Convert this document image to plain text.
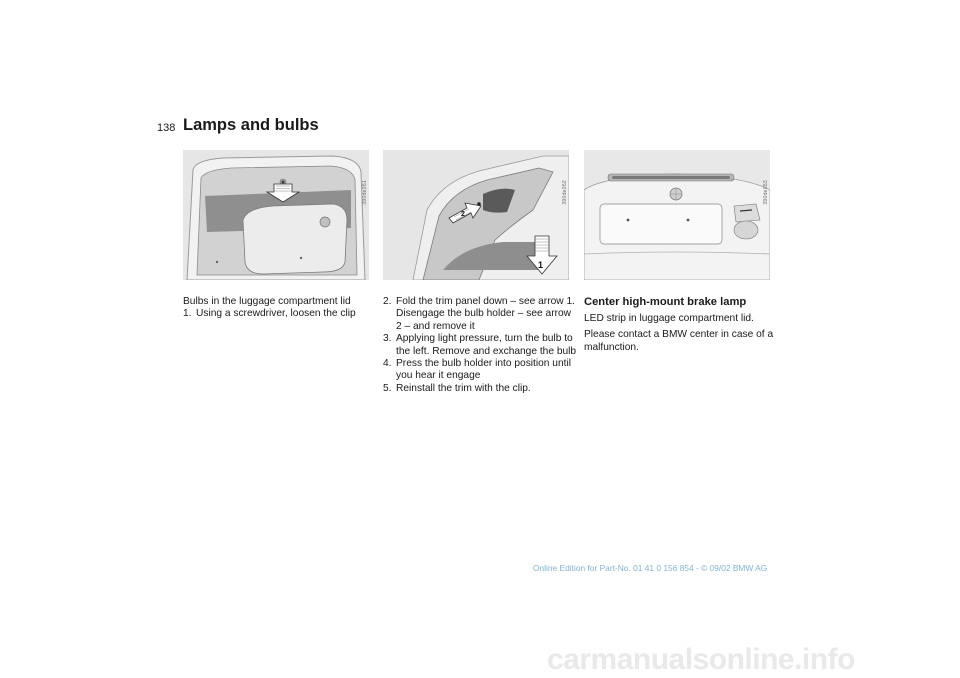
138 Lamps and bulbs
390de051
1
2
390de052	390de053

Bulbs in the luggage compartment lid

1. Using a screwdriver, loosen the clip
2. Fold the trim panel down – see arrow 1. Disengage the bulb holder – see arrow 2 – and remove it
3. Applying light pressure, turn the bulb to the left. Remove and exchange the bulb
4. Press the bulb holder into position until you hear it engage
5. Reinstall the trim with the clip.
Center high-mount brake lamp

LED strip in luggage compartment lid.

Please contact a BMW center in case of a malfunction.

Online Edition for Part-No. 01 41 0 156 854 - © 09/02 BMW AG
carmanualsonline.info
